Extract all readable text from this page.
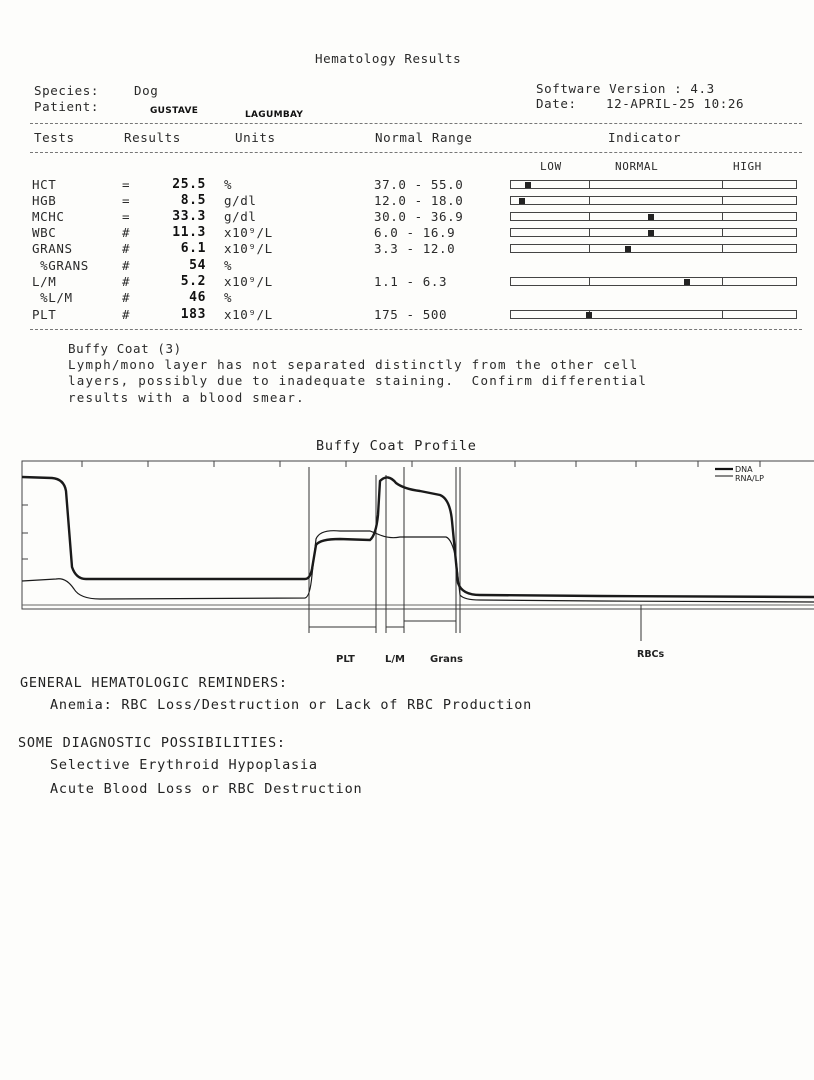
Hematology Results
Species:	Dog
Patient:	GUSTAVE	LAGUMBAY
Software Version : 4.3
Date: 12-APRIL-25 10:26
Tests	Results	Units	Normal Range	Indicator
LOW	NORMAL	HIGH
HCT	=	25.5 %	37.0 - 55.0
HGB	=	8.5 g/dl	12.0 - 18.0
MCHC	=	33.3 g/dl	30.0 - 36.9
WBC	#	11.3 x10⁹/L	6.0 - 16.9
GRANS	#	6.1 x10⁹/L	3.3 - 12.0
%GRANS	#	54 %
L/M	#	5.2 x10⁹/L	1.1 - 6.3
%L/M	#	46 %
PLT	#	183 x10⁹/L	175 - 500
Buffy Coat (3)
Lymph/mono layer has not separated distinctly from the other cell
layers, possibly due to inadequate staining.  Confirm differential
results with a blood smear.
Buffy Coat Profile
DNA
RNA/LP
PLT	L/M	Grans	RBCs
GENERAL HEMATOLOGIC REMINDERS:
Anemia: RBC Loss/Destruction or Lack of RBC Production
SOME DIAGNOSTIC POSSIBILITIES:
Selective Erythroid Hypoplasia
Acute Blood Loss or RBC Destruction
